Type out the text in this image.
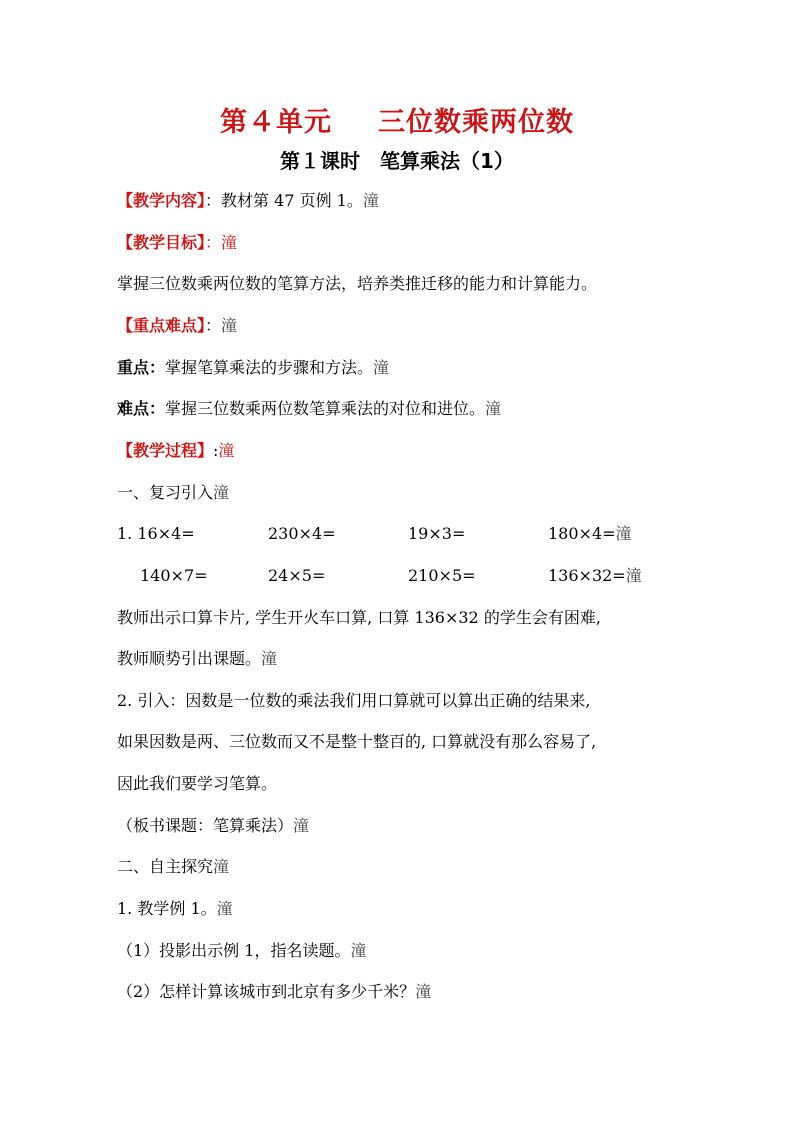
第４单元 三位数乘两位数
第１课时 笔算乘法（1）
【教学内容】：教材第 47 页例 1。潼
【教学目标】：潼
掌握三位数乘两位数的笔算方法，培养类推迁移的能力和计算能力。
【重点难点】：潼
重点：掌握笔算乘法的步骤和方法。潼
难点：掌握三位数乘两位数笔算乘法的对位和进位。潼
【教学过程】:潼
一、复习引入潼
1. 16×4=	230×4=	19×3=	180×4=潼
140×7=	24×5=	210×5=	136×32=潼
教师出示口算卡片, 学生开火车口算, 口算 136×32 的学生会有困难,
教师顺势引出课题。潼
2. 引入：因数是一位数的乘法我们用口算就可以算出正确的结果来,
如果因数是两、三位数而又不是整十整百的, 口算就没有那么容易了,
因此我们要学习笔算。
（板书课题：笔算乘法）潼
二、自主探究潼
1. 教学例 1。潼
（1）投影出示例 1，指名读题。潼
（2）怎样计算该城市到北京有多少千米？潼
